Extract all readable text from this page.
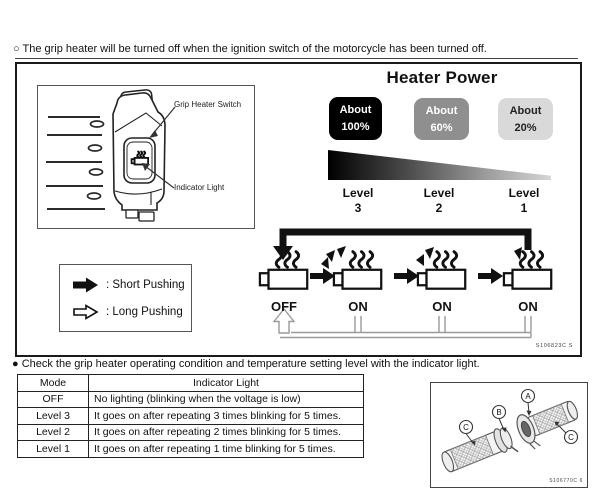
○ The grip heater will be turned off when the ignition switch of the motorcycle has been turned off.
Grip Heater Switch
Indicator Light
: Short Pushing
: Long Pushing
Heater Power
About
100%
About
60%
About
20%
Level
3
Level
2
Level
1
OFF	ON	ON	ON
S106823C S
● Check the grip heater operating condition and temperature setting level with the indicator light.
Mode	Indicator Light
OFF	No lighting (blinking when the voltage is low)
Level 3	It goes on after repeating 3 times blinking for 5 times.
Level 2	It goes on after repeating 2 times blinking for 5 times.
Level 1	It goes on after repeating 1 time blinking for 5 times.
A
B
C
C
S106770C 6
